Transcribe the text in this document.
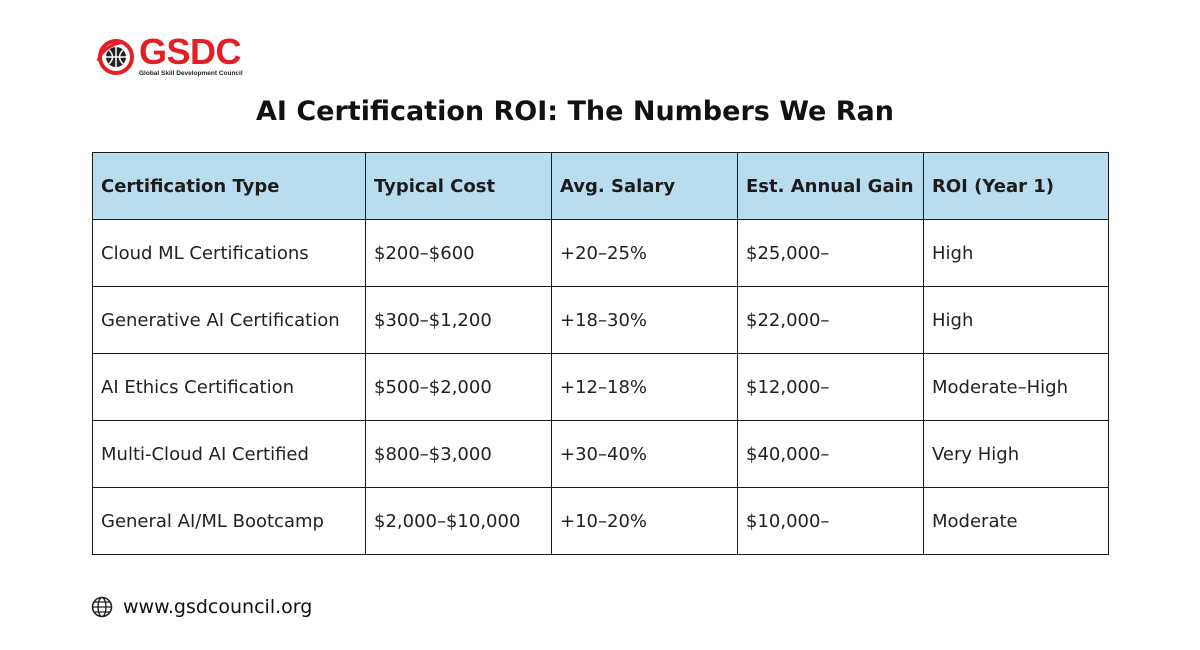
GSDC
Global Skill Development Council
AI Certification ROI: The Numbers We Ran
Certification Type	Typical Cost	Avg. Salary	Est. Annual Gain	ROI (Year 1)
Cloud ML Certifications	$200–$600	+20–25%	$25,000–	High
Generative AI Certification	$300–$1,200	+18–30%	$22,000–	High
AI Ethics Certification	$500–$2,000	+12–18%	$12,000–	Moderate–High
Multi-Cloud AI Certified	$800–$3,000	+30–40%	$40,000–	Very High
General AI/ML Bootcamp	$2,000–$10,000	+10–20%	$10,000–	Moderate
www.gsdcouncil.org
